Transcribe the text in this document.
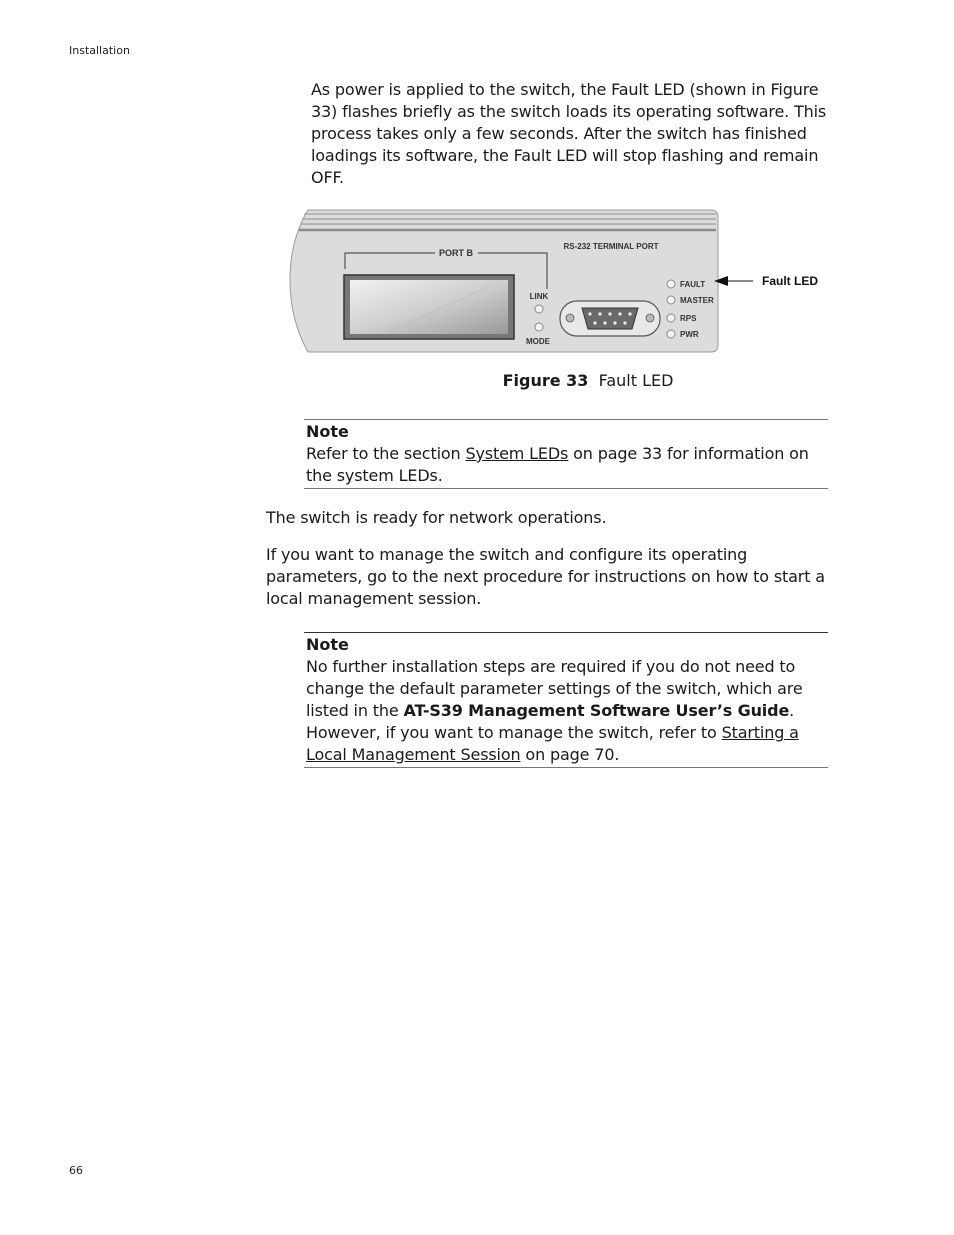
Installation

As power is applied to the switch, the Fault LED (shown in Figure 33) flashes briefly as the switch loads its operating software. This process takes only a few seconds. After the switch has finished loadings its software, the Fault LED will stop flashing and remain OFF.

PORT B
LINK
MODE
RS-232 TERMINAL PORT
FAULT
MASTER
RPS
PWR
Fault LED
Figure 33 Fault LED

Note

Refer to the section System LEDs on page 33 for information on the system LEDs.

The switch is ready for network operations.

If you want to manage the switch and configure its operating parameters, go to the next procedure for instructions on how to start a local management session.

Note

No further installation steps are required if you do not need to change the default parameter settings of the switch, which are listed in the AT-S39 Management Software User’s Guide. However, if you want to manage the switch, refer to Starting a Local Management Session on page 70.

66
